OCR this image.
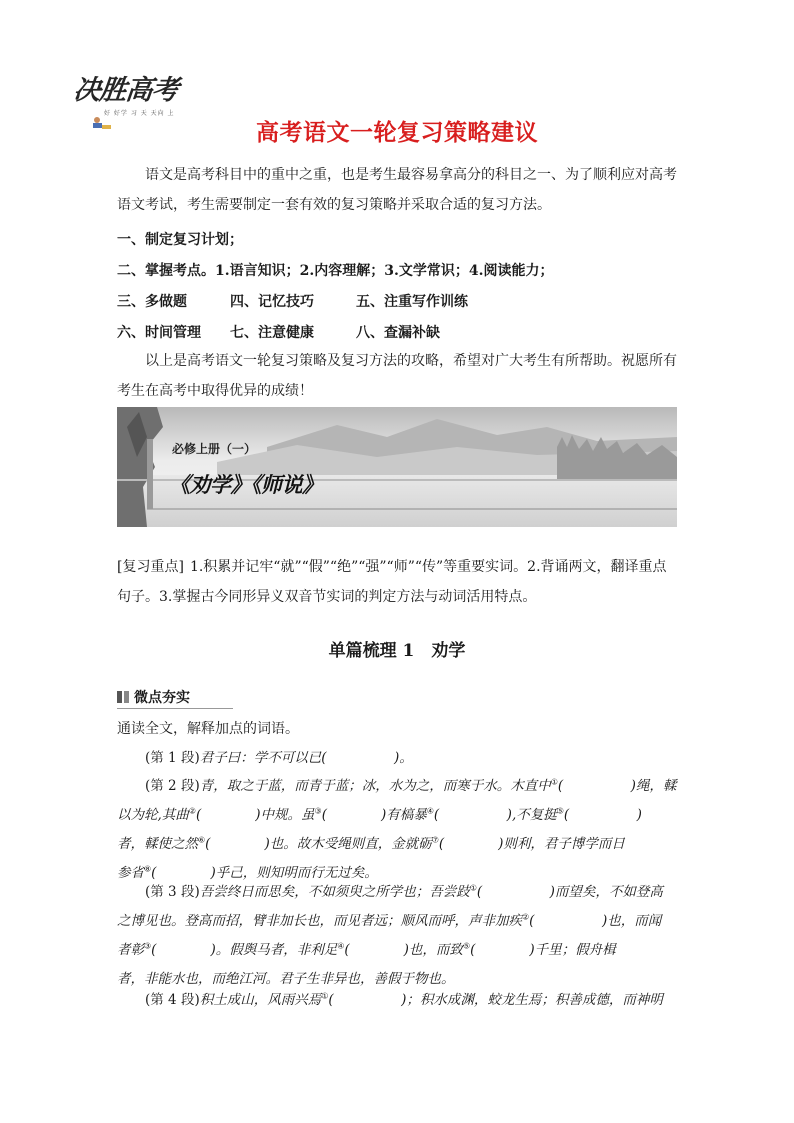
决胜高考
好 好学 习 天 天向 上
高考语文一轮复习策略建议
语文是高考科目中的重中之重，也是考生最容易拿高分的科目之一、为了顺利应对高考语文考试，考生需要制定一套有效的复习策略并采取合适的复习方法。
一、制定复习计划；
二、掌握考点。1.语言知识；2.内容理解；3.文学常识；4.阅读能力；
三、多做题	四、记忆技巧	五、注重写作训练
六、时间管理 七、注意健康	八、查漏补缺
以上是高考语文一轮复习策略及复习方法的攻略，希望对广大考生有所帮助。祝愿所有考生在高考中取得优异的成绩！
必修上册（一）
《劝学》《师说》
[复习重点] 1.积累并记牢“就”“假”“绝”“强”“师”“传”等重要实词。2.背诵两文，翻译重点句子。3.掌握古今同形异义双音节实词的判定方法与动词活用特点。
单篇梳理 1　劝学
微点夯实
通读全文，解释加点的词语。
(第 1 段)君子曰：学不可以已(　　　　　)。
(第 2 段)青，取之于蓝，而青于蓝；冰，水为之，而寒于水。木直中①(　　　　　)绳，輮
以为轮,其曲②(　　　　)中规。虽③(　　　　)有槁暴④(　　　　　),不复挺⑤(　　　　　)
者，輮使之然⑥(　　　　)也。故木受绳则直，金就砺⑦(　　　　)则利，君子博学而日
参省⑧(　　　　)乎己，则知明而行无过矣。
(第 3 段)吾尝终日而思矣，不如须臾之所学也；吾尝跂①(　　　　　)而望矣，不如登高
之博见也。登高而招，臂非加长也，而见者远；顺风而呼，声非加疾②(　　　　　)也，而闻
者彰③(　　　　)。假舆马者，非利足④(　　　　)也，而致⑤(　　　　)千里；假舟楫
者，非能水也，而绝江河。君子生非异也，善假于物也。
(第 4 段)积土成山，风雨兴焉①(　　　　　)；积水成渊，蛟龙生焉；积善成德，而神明
